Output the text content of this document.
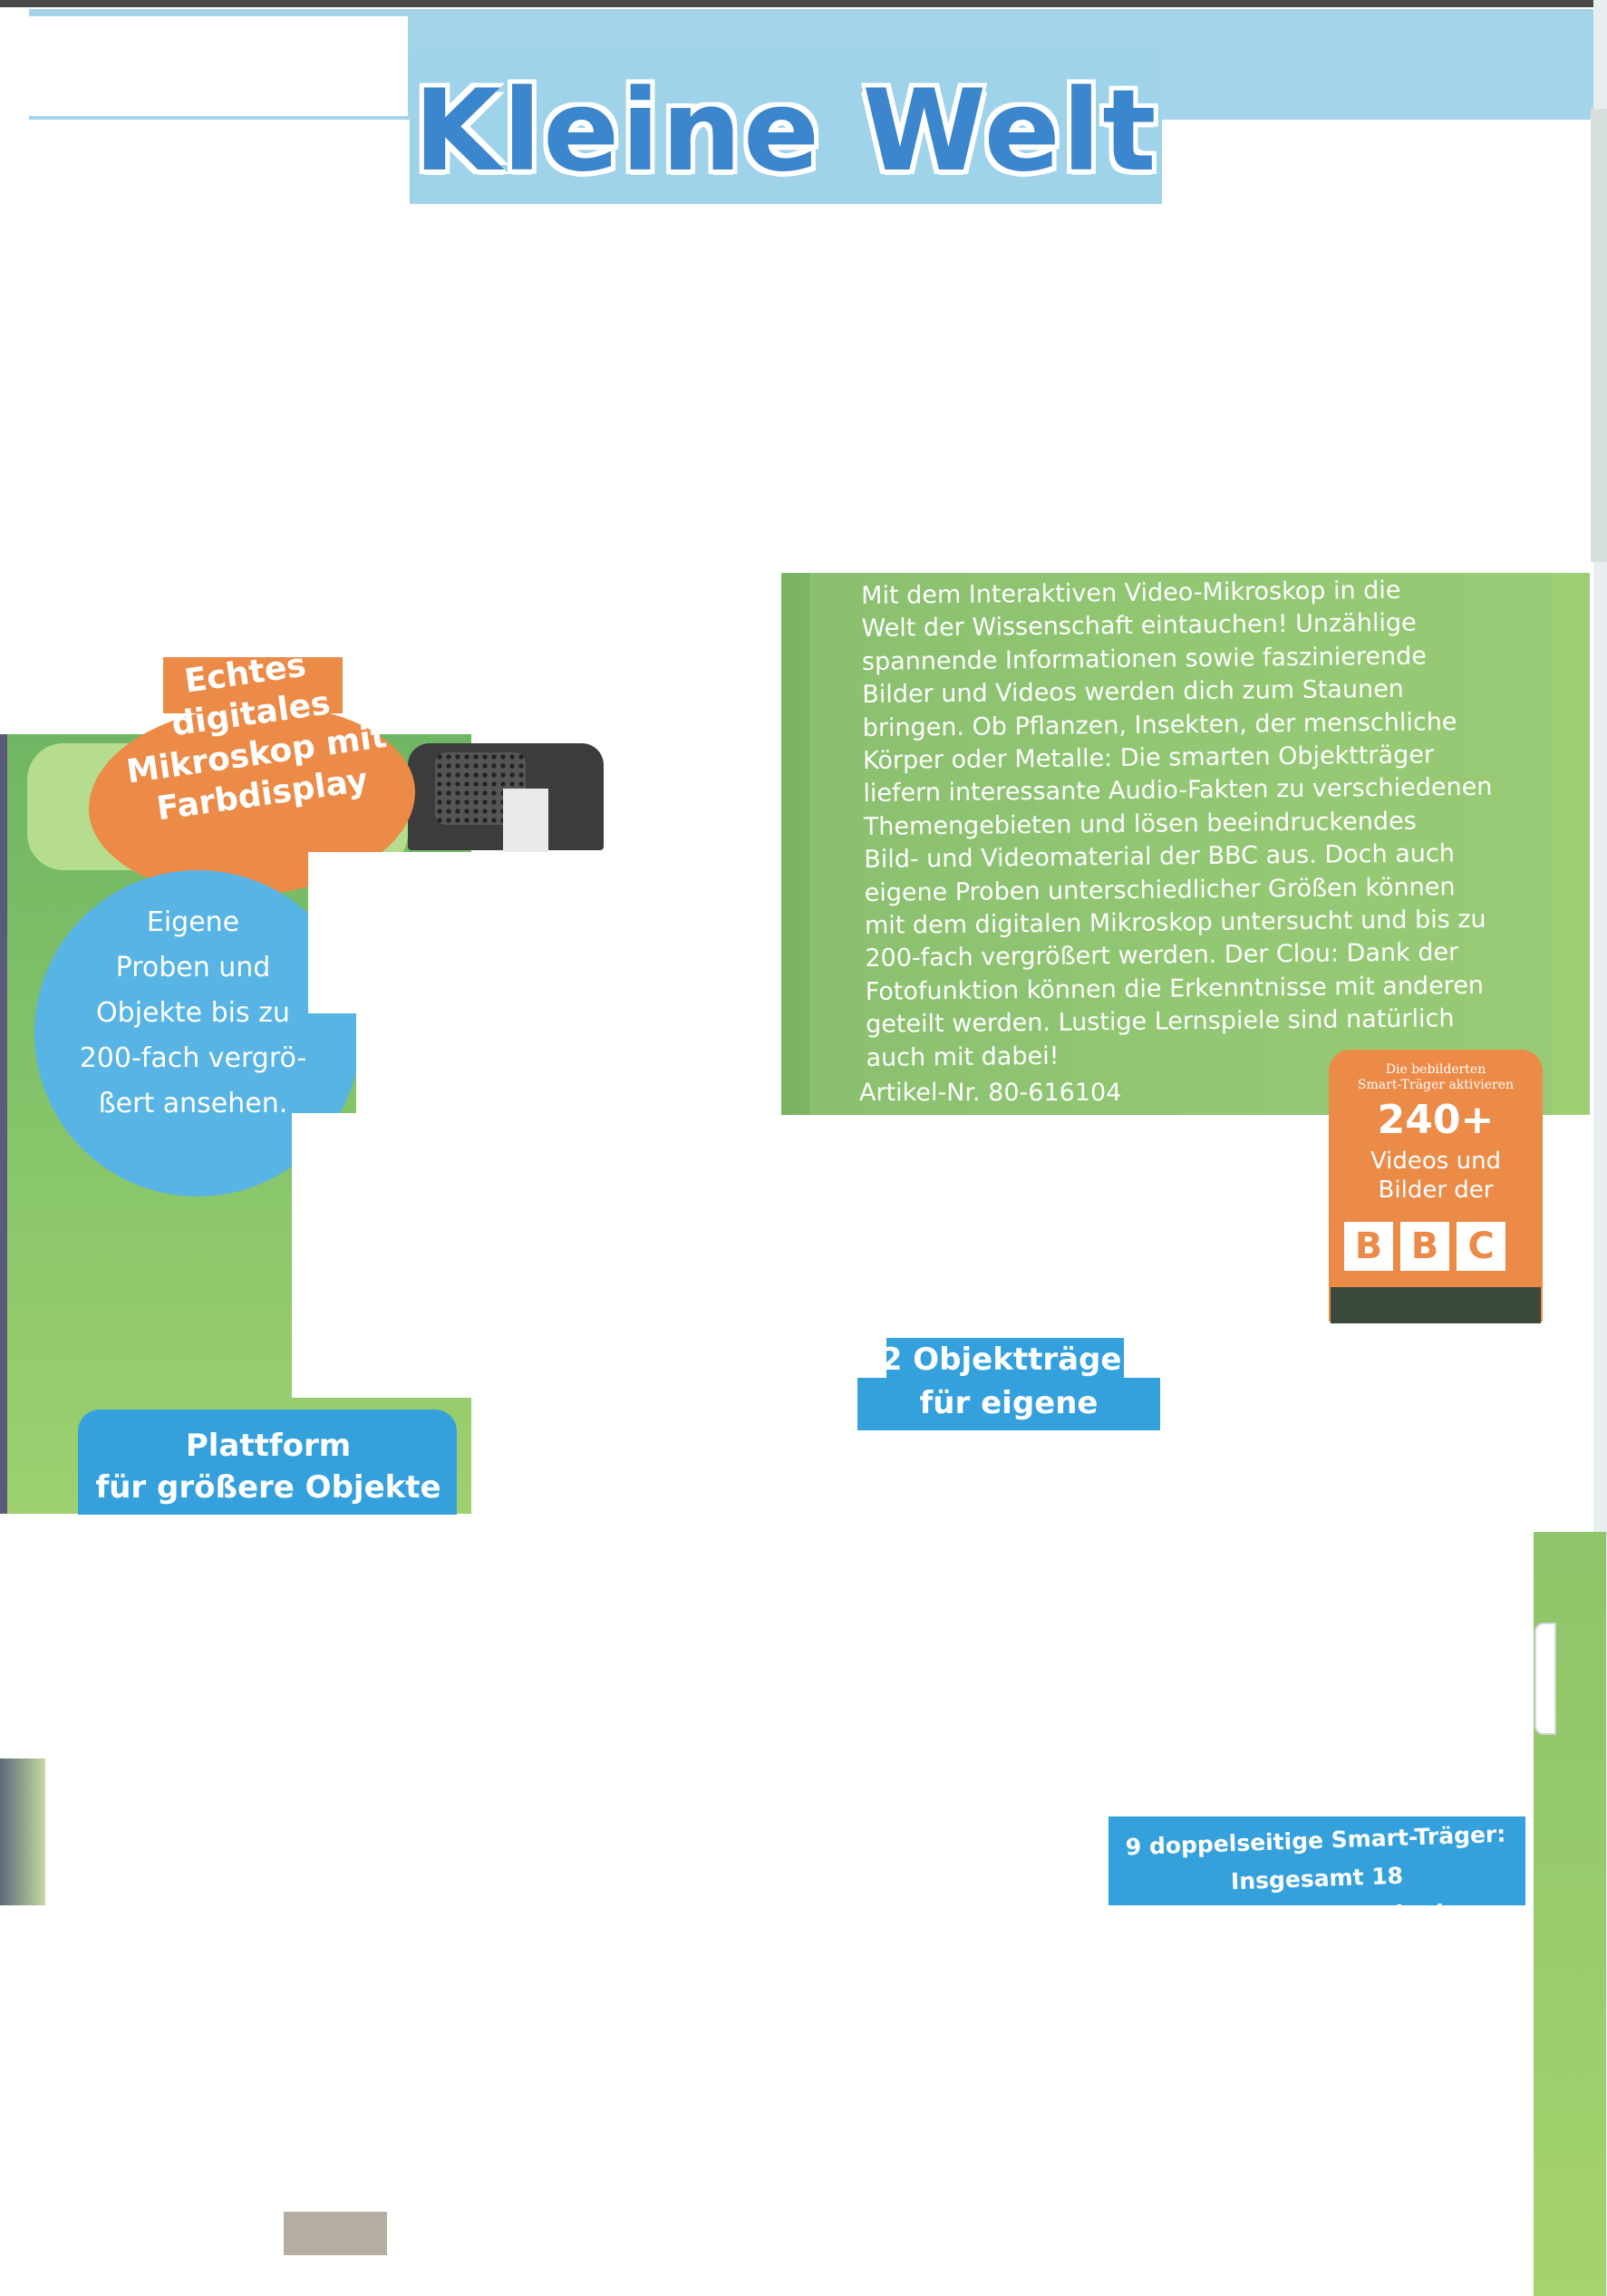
Kleine Welt
Mit dem Interaktiven Video-Mikroskop in die
Welt der Wissenschaft eintauchen! Unzählige
spannende Informationen sowie faszinierende
Bilder und Videos werden dich zum Staunen
bringen. Ob Pflanzen, Insekten, der menschliche
Körper oder Metalle: Die smarten Objektträger
liefern interessante Audio-Fakten zu verschiedenen
Themengebieten und lösen beeindruckendes
Bild- und Videomaterial der BBC aus. Doch auch
eigene Proben unterschiedlicher Größen können
mit dem digitalen Mikroskop untersucht und bis zu
200-fach vergrößert werden. Der Clou: Dank der
Fotofunktion können die Erkenntnisse mit anderen
geteilt werden. Lustige Lernspiele sind natürlich
auch mit dabei!
Artikel-Nr. 80-616104
Echtes
digitales
Mikroskop mit
Farbdisplay
Eigene
Proben und
Objekte bis zu
200-fach vergrö-
ßert ansehen.
Plattform
für größere Objekte
Die bebilderten
Smart-Träger aktivieren
240+
Videos und
Bilder der
B B C
2 Objektträger
für eigene Proben
9 doppelseitige Smart-Träger:
Insgesamt 18 Wissenskategorien!
